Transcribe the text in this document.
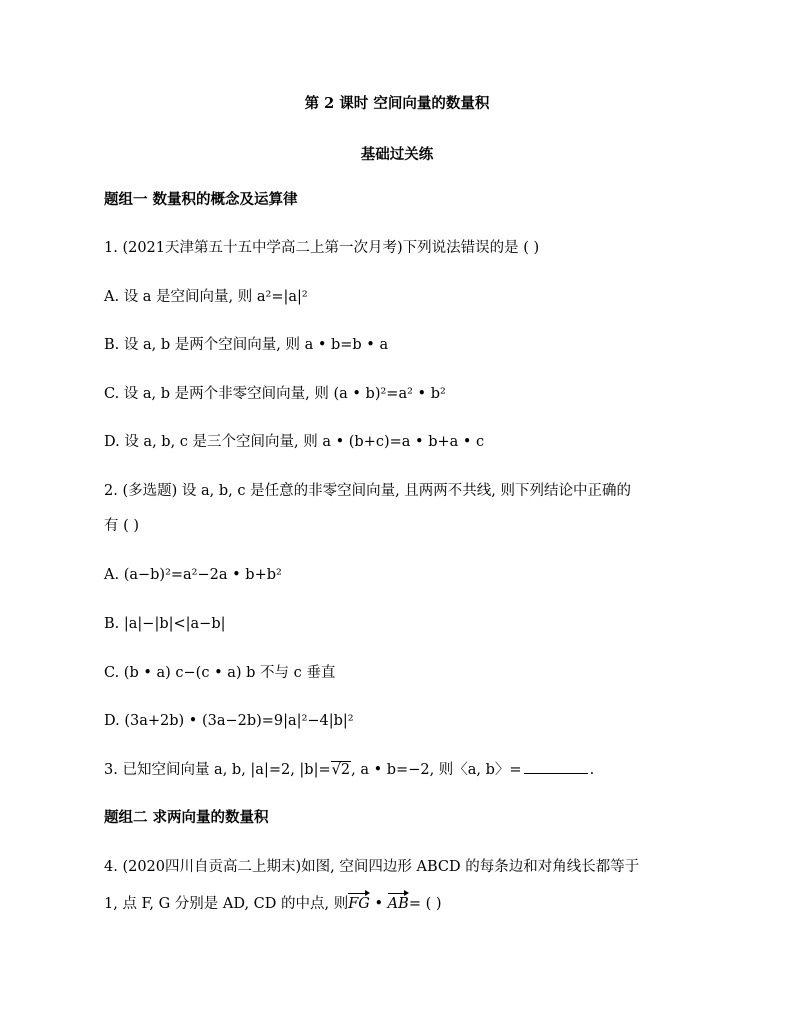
第 2 课时 空间向量的数量积
基础过关练
题组一 数量积的概念及运算律
1. (2021天津第五十五中学高二上第一次月考)下列说法错误的是 ( )
A. 设 a 是空间向量, 则 a²=|a|²
B. 设 a, b 是两个空间向量, 则 a • b=b • a
C. 设 a, b 是两个非零空间向量, 则 (a • b)²=a² • b²
D. 设 a, b, c 是三个空间向量, 则 a • (b+c)=a • b+a • c
2. (多选题) 设 a, b, c 是任意的非零空间向量, 且两两不共线, 则下列结论中正确的
有 ( )
A. (a−b)²=a²−2a • b+b²
B. |a|−|b|<|a−b|
C. (b • a) c−(c • a) b 不与 c 垂直
D. (3a+2b) • (3a−2b)=9|a|²−4|b|²
3. 已知空间向量 a, b, |a|=2, |b|=√2, a • b=−2, 则〈a, b〉=	.
题组二 求两向量的数量积
4. (2020四川自贡高二上期末)如图, 空间四边形 ABCD 的每条边和对角线长都等于
1, 点 F, G 分别是 AD, CD 的中点, 则FG • AB= ( )
